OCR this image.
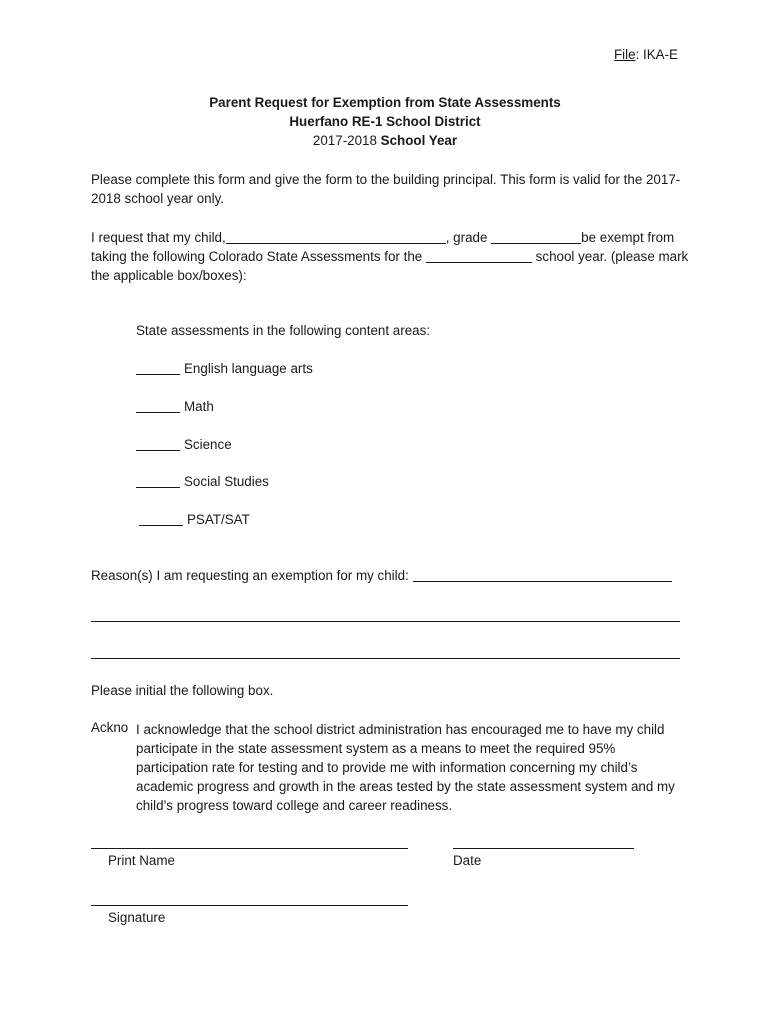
File: IKA-E
Parent Request for Exemption from State Assessments
Huerfano RE-1 School District
2017-2018 School Year
Please complete this form and give the form to the building principal. This form is valid for the 2017-2018 school year only.
I request that my child,	, grade	be exempt from taking the following Colorado State Assessments for the	school year. (please mark the applicable box/boxes):
State assessments in the following content areas:
English language arts
Math
Science
Social Studies
PSAT/SAT
Reason(s) I am requesting an exemption for my child:
Please initial the following box.
Ackno I acknowledge that the school district administration has encouraged me to have my child participate in the state assessment system as a means to meet the required 95% participation rate for testing and to provide me with information concerning my child’s academic progress and growth in the areas tested by the state assessment system and my child’s progress toward college and career readiness.
Print Name	Date
Signature
